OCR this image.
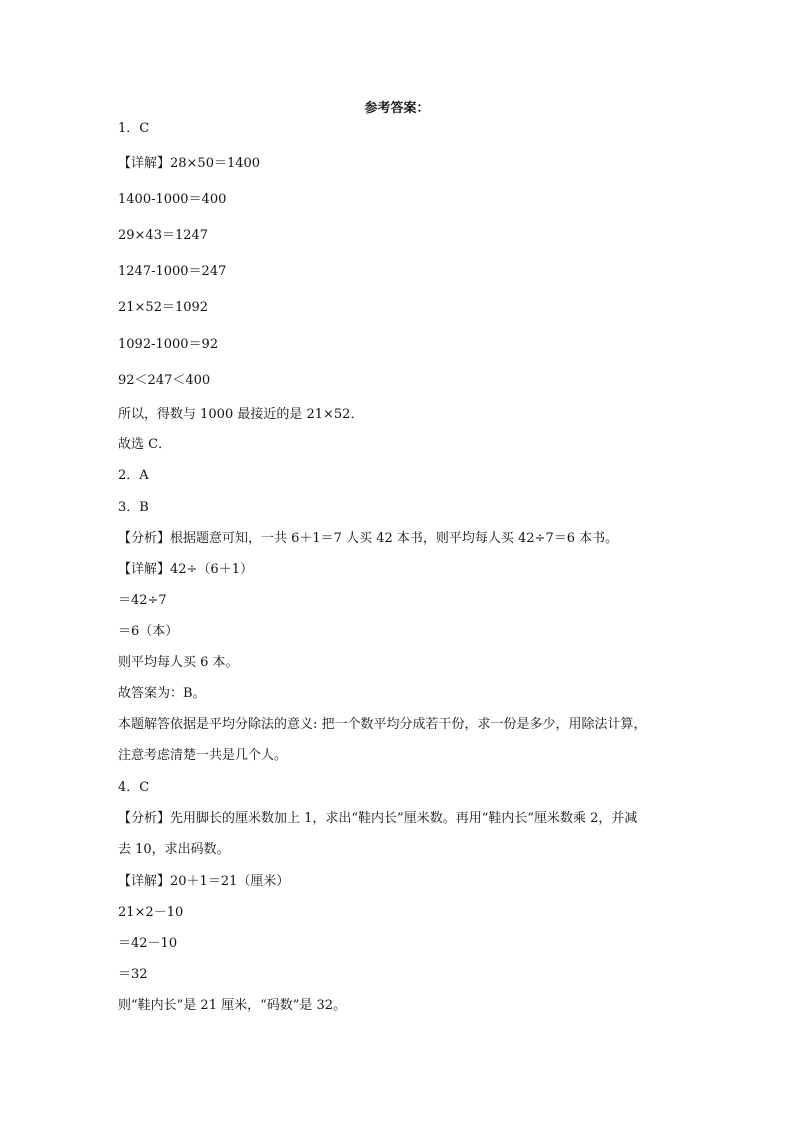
参考答案：
1．C
【详解】28×50＝1400
1400-1000＝400
29×43＝1247
1247-1000＝247
21×52＝1092
1092-1000＝92
92＜247＜400
所以，得数与 1000 最接近的是 21×52．
故选 C．
2．A
3．B
【分析】根据题意可知，一共 6＋1＝7 人买 42 本书，则平均每人买 42÷7＝6 本书。
【详解】42÷（6＋1）
＝42÷7
＝6（本）
则平均每人买 6 本。
故答案为：B。
本题解答依据是平均分除法的意义: 把一个数平均分成若干份，求一份是多少，用除法计算，
注意考虑清楚一共是几个人。
4．C
【分析】先用脚长的厘米数加上 1，求出“鞋内长”厘米数。再用“鞋内长”厘米数乘 2，并减
去 10，求出码数。
【详解】20＋1＝21（厘米）
21×2－10
＝42－10
＝32
则“鞋内长”是 21 厘米，“码数”是 32。
